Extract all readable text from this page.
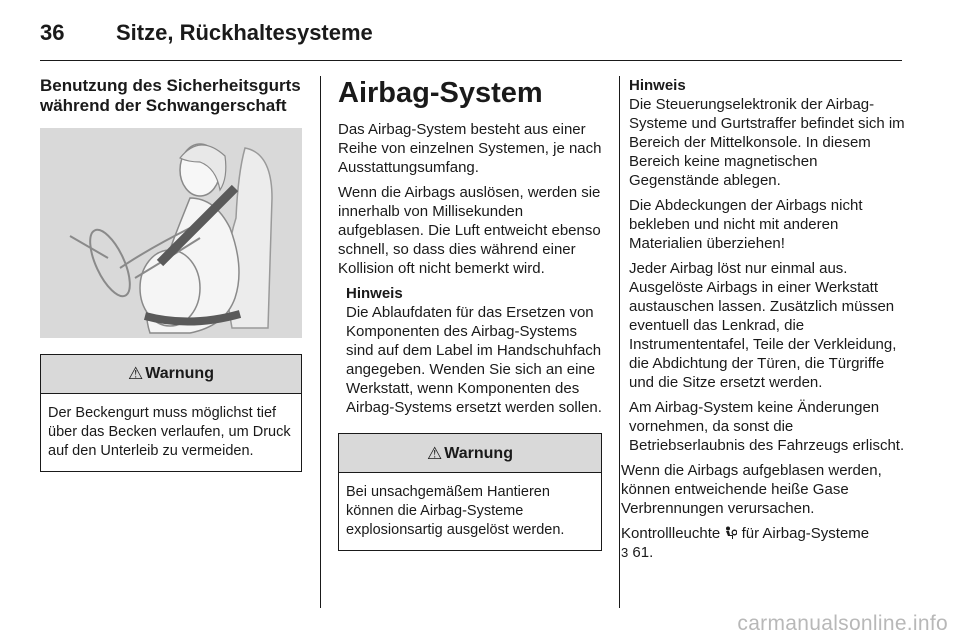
36 Sitze, Rückhaltesysteme
Benutzung des Sicherheitsgurts während der Schwangerschaft
⚠ Warnung
Der Beckengurt muss möglichst tief über das Becken verlaufen, um Druck auf den Unterleib zu vermeiden.
Airbag-System

Das Airbag-System besteht aus einer Reihe von einzelnen Systemen, je nach Ausstattungsumfang.

Wenn die Airbags auslösen, werden sie innerhalb von Millisekunden aufgeblasen. Die Luft entweicht ebenso schnell, so dass dies während einer Kollision oft nicht bemerkt wird.

Hinweis
Die Ablaufdaten für das Ersetzen von Komponenten des Airbag-Systems sind auf dem Label im Handschuhfach angegeben. Wenden Sie sich an eine Werkstatt, wenn Komponenten des Airbag-Systems ersetzt werden sollen.
⚠ Warnung
Bei unsachgemäßem Hantieren können die Airbag-Systeme explosionsartig ausgelöst werden.
Hinweis

Die Steuerungselektronik der Airbag-Systeme und Gurtstraffer befindet sich im Bereich der Mittelkonsole. In diesem Bereich keine magnetischen Gegenstände ablegen.

Die Abdeckungen der Airbags nicht bekleben und nicht mit anderen Materialien überziehen!

Jeder Airbag löst nur einmal aus. Ausgelöste Airbags in einer Werkstatt austauschen lassen. Zusätzlich müssen eventuell das Lenkrad, die Instrumententafel, Teile der Verkleidung, die Abdichtung der Türen, die Türgriffe und die Sitze ersetzt werden.

Am Airbag-System keine Änderungen vornehmen, da sonst die Betriebserlaubnis des Fahrzeugs erlischt.

Wenn die Airbags aufgeblasen werden, können entweichende heiße Gase Verbrennungen verursachen.

Kontrollleuchte für Airbag-Systeme
3 61.

carmanualsonline.info
